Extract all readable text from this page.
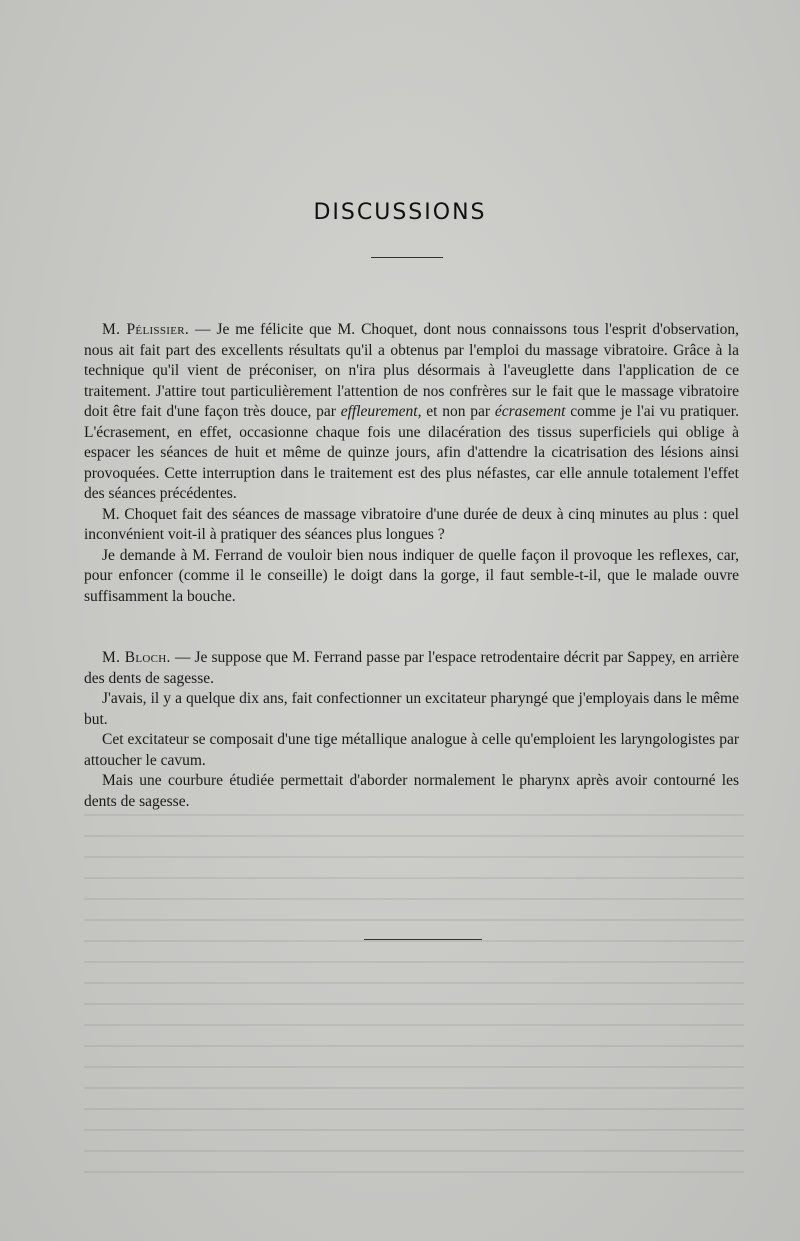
DISCUSSIONS

M. Pélissier. — Je me félicite que M. Choquet, dont nous connaissons tous l'esprit d'observation, nous ait fait part des excellents résultats qu'il a obtenus par l'emploi du massage vibratoire. Grâce à la technique qu'il vient de préconiser, on n'ira plus désormais à l'aveuglette dans l'application de ce traitement. J'attire tout particulièrement l'attention de nos confrères sur le fait que le massage vibratoire doit être fait d'une façon très douce, par effleurement, et non par écrasement comme je l'ai vu pratiquer. L'écrasement, en effet, occasionne chaque fois une dilacération des tissus superficiels qui oblige à espacer les séances de huit et même de quinze jours, afin d'attendre la cicatrisation des lésions ainsi provoquées. Cette interruption dans le traitement est des plus néfastes, car elle annule totalement l'effet des séances précédentes.

M. Choquet fait des séances de massage vibratoire d'une durée de deux à cinq minutes au plus : quel inconvénient voit-il à pratiquer des séances plus longues ?

Je demande à M. Ferrand de vouloir bien nous indiquer de quelle façon il provoque les reflexes, car, pour enfoncer (comme il le conseille) le doigt dans la gorge, il faut semble-t-il, que le malade ouvre suffisamment la bouche.

M. Bloch. — Je suppose que M. Ferrand passe par l'espace retrodentaire décrit par Sappey, en arrière des dents de sagesse.

J'avais, il y a quelque dix ans, fait confectionner un excitateur pharyngé que j'employais dans le même but.

Cet excitateur se composait d'une tige métallique analogue à celle qu'emploient les laryngologistes par attoucher le cavum.

Mais une courbure étudiée permettait d'aborder normalement le pharynx après avoir contourné les dents de sagesse.
